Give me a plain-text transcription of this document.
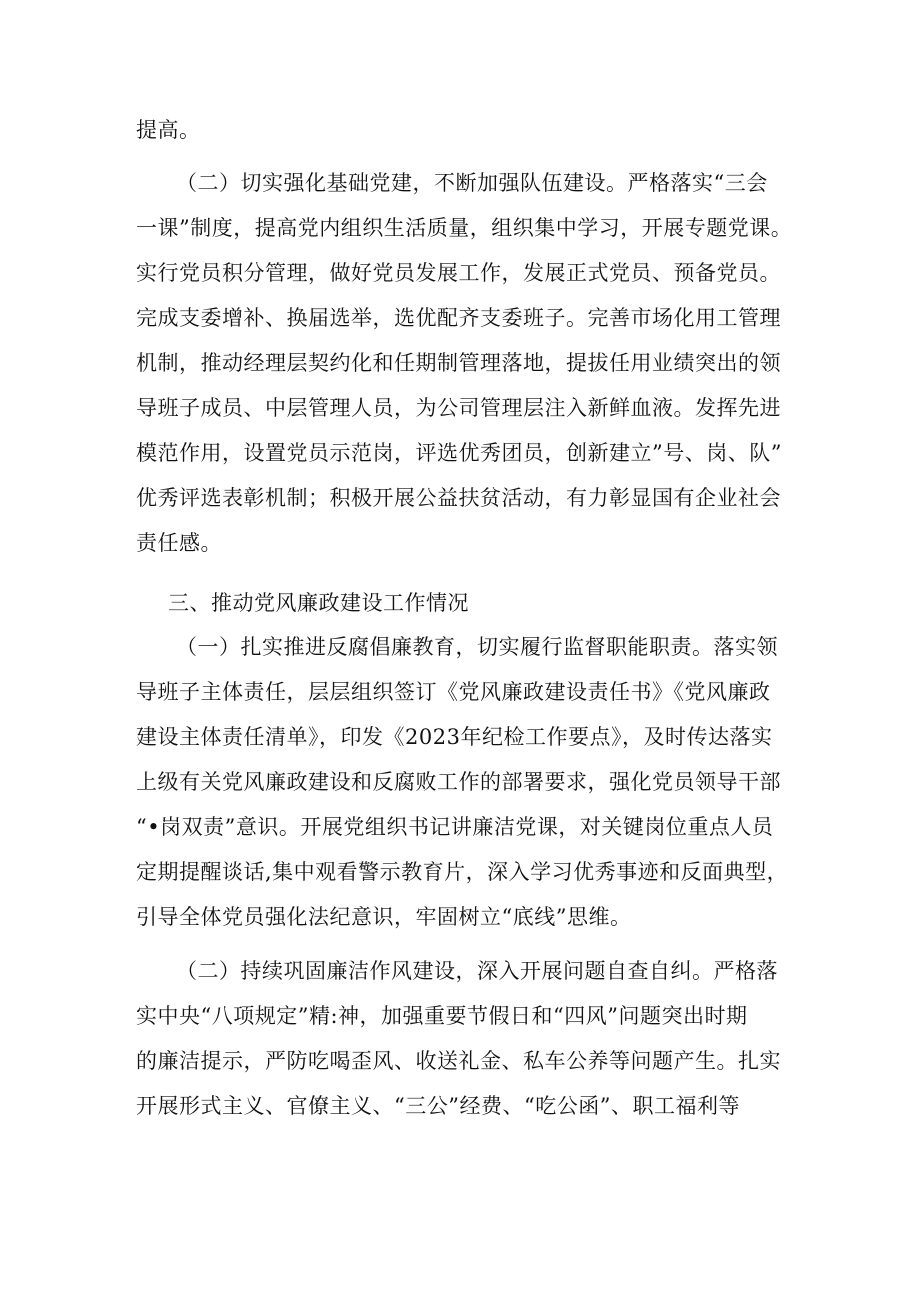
提高。
（二）切实强化基础党建，不断加强队伍建设。严格落实“三会
一课”制度，提高党内组织生活质量，组织集中学习，开展专题党课。
实行党员积分管理，做好党员发展工作，发展正式党员、预备党员。
完成支委增补、换届选举，选优配齐支委班子。完善市场化用工管理
机制，推动经理层契约化和任期制管理落地，提拔任用业绩突出的领
导班子成员、中层管理人员，为公司管理层注入新鲜血液。发挥先进
模范作用，设置党员示范岗，评选优秀团员，创新建立”号、岗、队”
优秀评选表彰机制；积极开展公益扶贫活动，有力彰显国有企业社会
责任感。
三、推动党风廉政建设工作情况
（一）扎实推进反腐倡廉教育，切实履行监督职能职责。落实领
导班子主体责任，层层组织签订《党风廉政建设责任书》《党风廉政
建设主体责任清单》，印发《2023年纪检工作要点》，及时传达落实
上级有关党风廉政建设和反腐败工作的部署要求，强化党员领导干部
“•岗双责”意识。开展党组织书记讲廉洁党课，对关键岗位重点人员
定期提醒谈话,集中观看警示教育片，深入学习优秀事迹和反面典型，
引导全体党员强化法纪意识，牢固树立“底线”思维。
（二）持续巩固廉洁作风建设，深入开展问题自查自纠。严格落
实中央“八项规定”精:神，加强重要节假日和“四风”问题突出时期
的廉洁提示，严防吃喝歪风、收送礼金、私车公养等问题产生。扎实
开展形式主义、官僚主义、“三公”经费、“吃公函”、职工福利等
